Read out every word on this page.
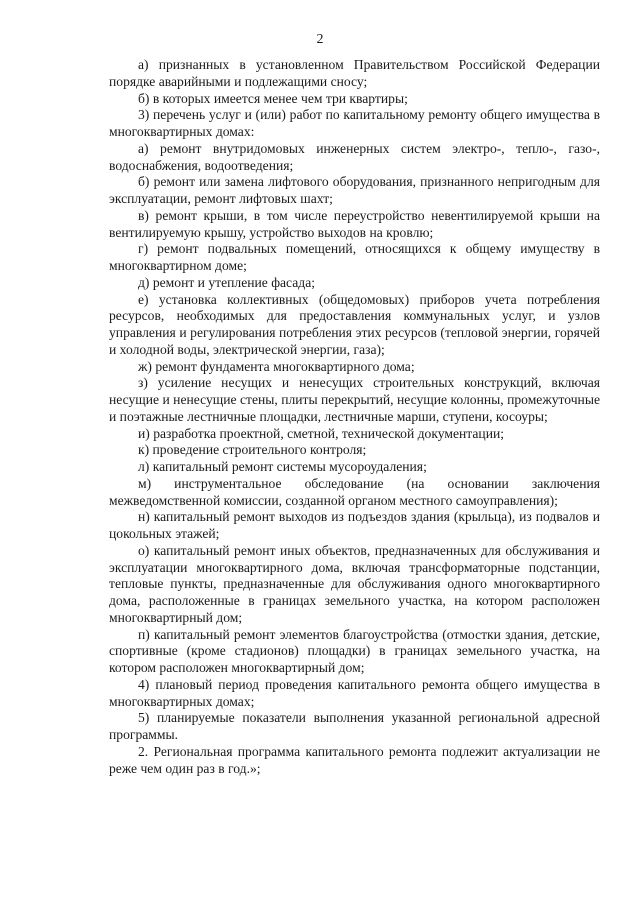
2

а) признанных в установленном Правительством Российской Федерации порядке аварийными и подлежащими сносу;

б) в которых имеется менее чем три квартиры;

3) перечень услуг и (или) работ по капитальному ремонту общего имущества в многоквартирных домах:

а) ремонт внутридомовых инженерных систем электро-, тепло-, газо-, водоснабжения, водоотведения;

б) ремонт или замена лифтового оборудования, признанного непригодным для эксплуатации, ремонт лифтовых шахт;

в) ремонт крыши, в том числе переустройство невентилируемой крыши на вентилируемую крышу, устройство выходов на кровлю;

г) ремонт подвальных помещений, относящихся к общему имуществу в многоквартирном доме;

д) ремонт и утепление фасада;

е) установка коллективных (общедомовых) приборов учета потребления ресурсов, необходимых для предоставления коммунальных услуг, и узлов управления и регулирования потребления этих ресурсов (тепловой энергии, горячей и холодной воды, электрической энергии, газа);

ж) ремонт фундамента многоквартирного дома;

з) усиление несущих и ненесущих строительных конструкций, включая несущие и ненесущие стены, плиты перекрытий, несущие колонны, промежуточные и поэтажные лестничные площадки, лестничные марши, ступени, косоуры;

и) разработка проектной, сметной, технической документации;

к) проведение строительного контроля;

л) капитальный ремонт системы мусороудаления;

м) инструментальное обследование (на основании заключения межведомственной комиссии, созданной органом местного самоуправления);

н) капитальный ремонт выходов из подъездов здания (крыльца), из подвалов и цокольных этажей;

о) капитальный ремонт иных объектов, предназначенных для обслуживания и эксплуатации многоквартирного дома, включая трансформаторные подстанции, тепловые пункты, предназначенные для обслуживания одного многоквартирного дома, расположенные в границах земельного участка, на котором расположен многоквартирный дом;

п) капитальный ремонт элементов благоустройства (отмостки здания, детские, спортивные (кроме стадионов) площадки) в границах земельного участка, на котором расположен многоквартирный дом;

4) плановый период проведения капитального ремонта общего имущества в многоквартирных домах;

5) планируемые показатели выполнения указанной региональной адресной программы.

2. Региональная программа капитального ремонта подлежит актуализации не реже чем один раз в год.»;
